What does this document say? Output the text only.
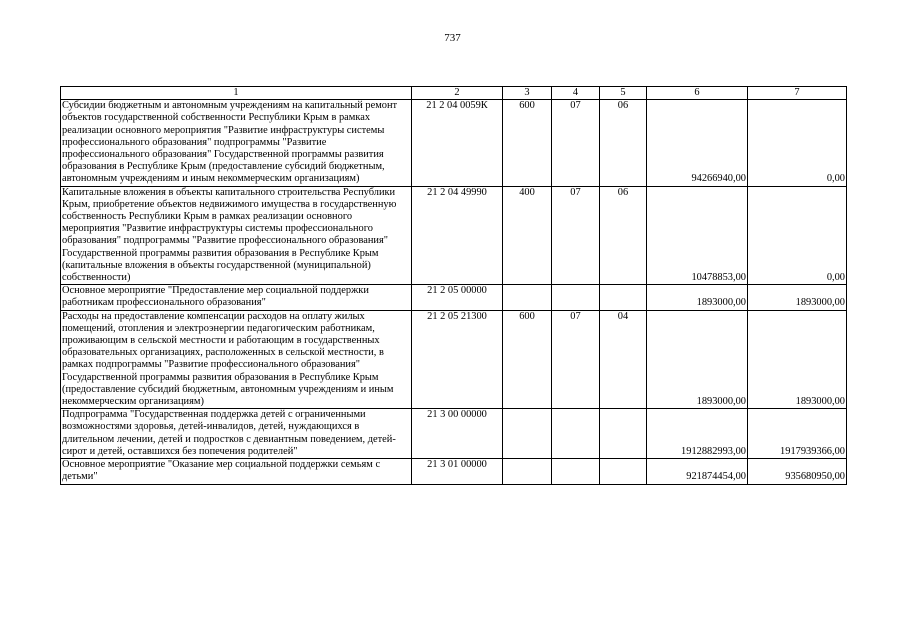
737
1	2	3	4	5	6	7
Субсидии бюджетным и автономным учреждениям на капитальный ремонт объектов государственной собственности Республики Крым в рамках реализации основного мероприятия "Развитие инфраструктуры системы профессионального образования" подпрограммы "Развитие профессионального образования" Государственной программы развития образования в Республике Крым (предоставление субсидий бюджетным, автономным учреждениям и иным некоммерческим организациям)	21 2 04 0059К	600	07	06	94266940,00	0,00
Капитальные вложения в объекты капитального строительства Республики Крым, приобретение объектов недвижимого имущества в государственную собственность Республики Крым в рамках реализации основного мероприятия "Развитие инфраструктуры системы профессионального образования" подпрограммы "Развитие профессионального образования" Государственной программы развития образования в Республике Крым (капитальные вложения в объекты государственной (муниципальной) собственности)	21 2 04 49990	400	07	06	10478853,00	0,00
Основное мероприятие "Предоставление мер социальной поддержки работникам профессионального образования"	21 2 05 00000				1893000,00	1893000,00
Расходы на предоставление компенсации расходов на оплату жилых помещений, отопления и электроэнергии педагогическим работникам, проживающим в сельской местности и работающим в государственных образовательных организациях, расположенных в сельской местности, в рамках подпрограммы "Развитие профессионального образования" Государственной программы развития образования в Республике Крым (предоставление субсидий бюджетным, автономным учреждениям и иным некоммерческим организациям)	21 2 05 21300	600	07	04	1893000,00	1893000,00
Подпрограмма "Государственная поддержка детей с ограниченными возможностями здоровья, детей-инвалидов, детей, нуждающихся в длительном лечении, детей и подростков с девиантным поведением, детей-сирот и детей, оставшихся без попечения родителей"	21 3 00 00000				1912882993,00	1917939366,00
Основное мероприятие "Оказание мер социальной поддержки семьям с детьми"	21 3 01 00000				921874454,00	935680950,00
